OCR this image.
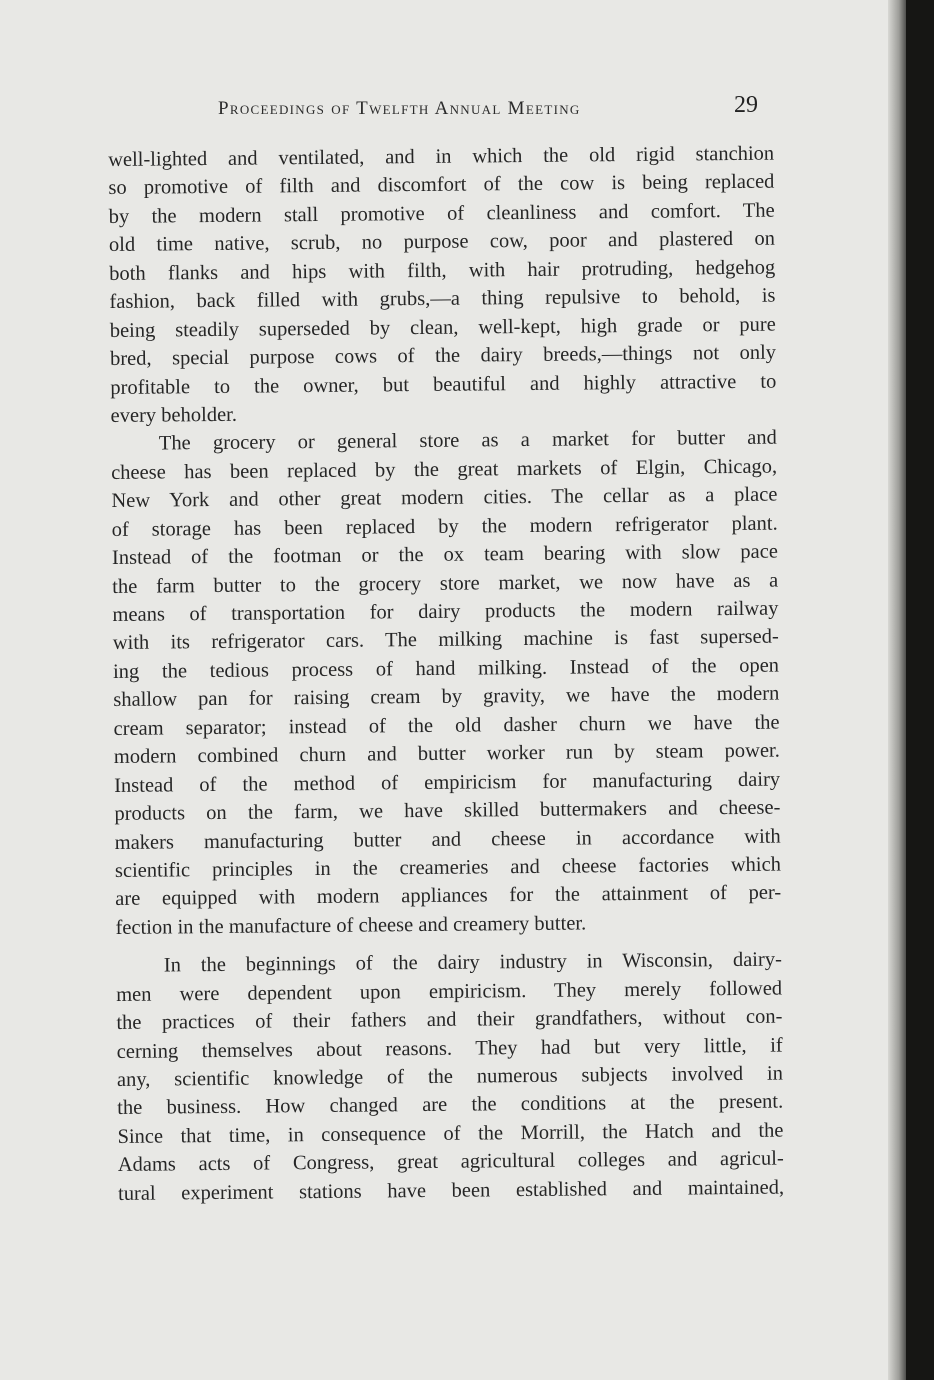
Proceedings of Twelfth Annual Meeting	29
well-lighted and ventilated, and in which the old rigid stanchion
so promotive of filth and discomfort of the cow is being replaced
by the modern stall promotive of cleanliness and comfort. The
old time native, scrub, no purpose cow, poor and plastered on
both flanks and hips with filth, with hair protruding, hedgehog
fashion, back filled with grubs,—a thing repulsive to behold, is
being steadily superseded by clean, well-kept, high grade or pure
bred, special purpose cows of the dairy breeds,—things not only
profitable to the owner, but beautiful and highly attractive to
every beholder.
The grocery or general store as a market for butter and
cheese has been replaced by the great markets of Elgin, Chicago,
New York and other great modern cities. The cellar as a place
of storage has been replaced by the modern refrigerator plant.
Instead of the footman or the ox team bearing with slow pace
the farm butter to the grocery store market, we now have as a
means of transportation for dairy products the modern railway
with its refrigerator cars. The milking machine is fast supersed-
ing the tedious process of hand milking. Instead of the open
shallow pan for raising cream by gravity, we have the modern
cream separator; instead of the old dasher churn we have the
modern combined churn and butter worker run by steam power.
Instead of the method of empiricism for manufacturing dairy
products on the farm, we have skilled buttermakers and cheese-
makers manufacturing butter and cheese in accordance with
scientific principles in the creameries and cheese factories which
are equipped with modern appliances for the attainment of per-
fection in the manufacture of cheese and creamery butter.
In the beginnings of the dairy industry in Wisconsin, dairy-
men were dependent upon empiricism. They merely followed
the practices of their fathers and their grandfathers, without con-
cerning themselves about reasons. They had but very little, if
any, scientific knowledge of the numerous subjects involved in
the business. How changed are the conditions at the present.
Since that time, in consequence of the Morrill, the Hatch and the
Adams acts of Congress, great agricultural colleges and agricul-
tural experiment stations have been established and maintained,
